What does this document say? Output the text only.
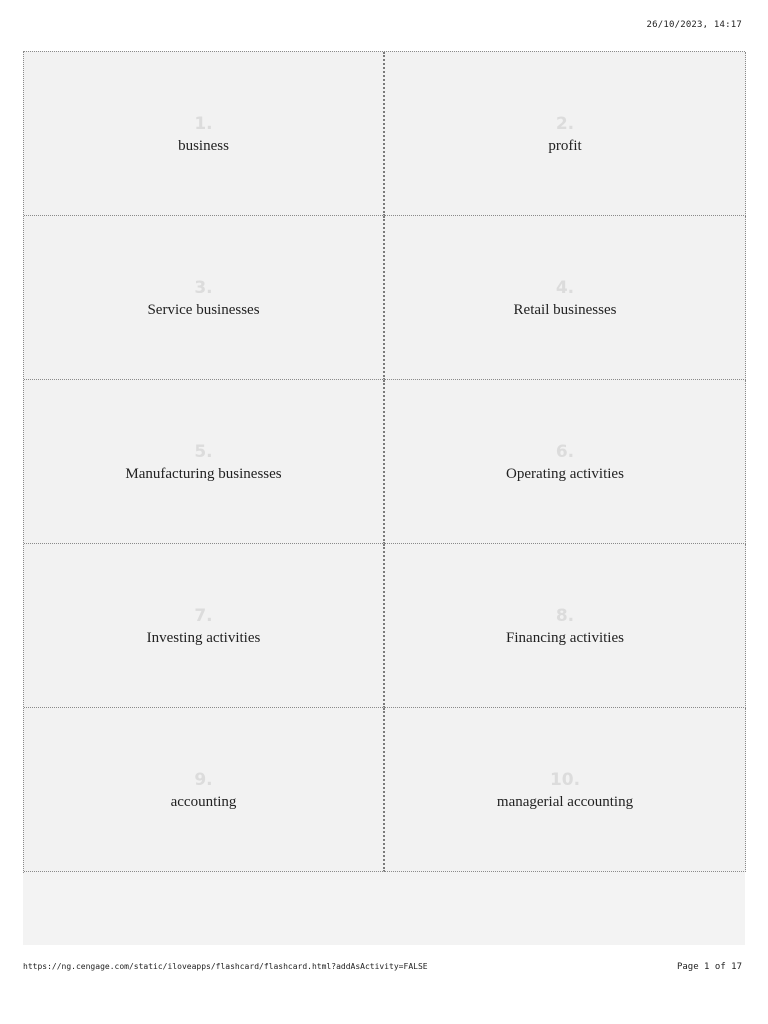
26/10/2023, 14:17
1.
business
2.
profit
3.
Service businesses
4.
Retail businesses
5.
Manufacturing businesses
6.
Operating activities
7.
Investing activities
8.
Financing activities
9.
accounting
10.
managerial accounting
https://ng.cengage.com/static/iloveapps/flashcard/flashcard.html?addAsActivity=FALSE	Page 1 of 17
